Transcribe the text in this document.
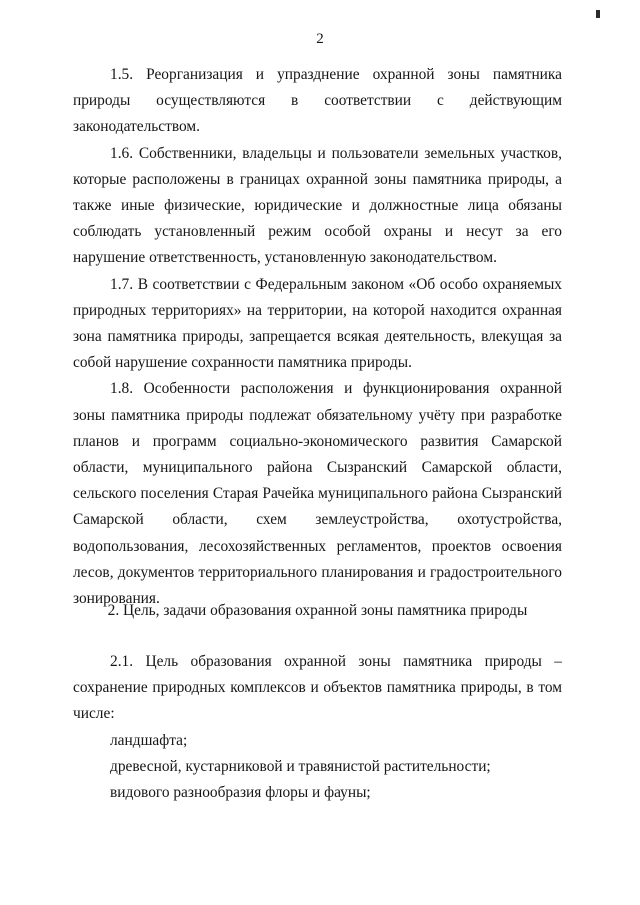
2

1.5. Реорганизация и упразднение охранной зоны памятника природы осуществляются в соответствии с действующим законодательством.

1.6. Собственники, владельцы и пользователи земельных участков, которые расположены в границах охранной зоны памятника природы, а также иные физические, юридические и должностные лица обязаны соблюдать установленный режим особой охраны и несут за его нарушение ответственность, установленную законодательством.

1.7. В соответствии с Федеральным законом «Об особо охраняемых природных территориях» на территории, на которой находится охранная зона памятника природы, запрещается всякая деятельность, влекущая за собой нарушение сохранности памятника природы.

1.8. Особенности расположения и функционирования охранной зоны памятника природы подлежат обязательному учёту при разработке планов и программ социально-экономического развития Самарской области, муниципального района Сызранский Самарской области, сельского поселения Старая Рачейка муниципального района Сызранский Самарской области, схем землеустройства, охотустройства, водопользования, лесохозяйственных регламентов, проектов освоения лесов, документов территориального планирования и градостроительного зонирования.

2. Цель, задачи образования охранной зоны памятника природы

2.1. Цель образования охранной зоны памятника природы – сохранение природных комплексов и объектов памятника природы, в том числе:

ландшафта;

древесной, кустарниковой и травянистой растительности;

видового разнообразия флоры и фауны;
